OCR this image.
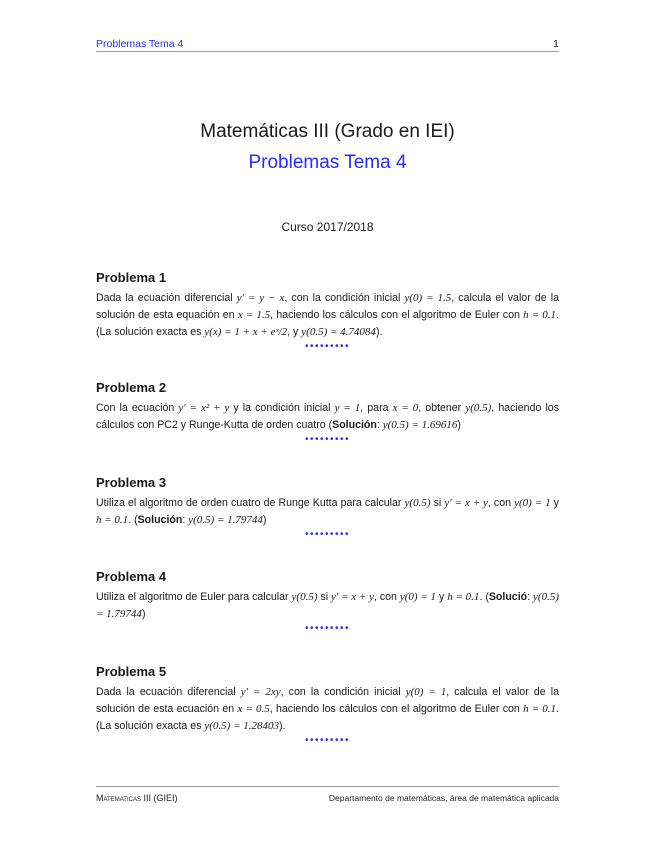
Problemas Tema 4	1
Matemáticas III (Grado en IEI)
Problemas Tema 4
Curso 2017/2018
Problema 1

Dada la ecuación diferencial y′ = y − x, con la condición inicial y(0) = 1.5, calcula el valor de la solución de esta equación en x = 1.5, haciendo los cálculos con el algoritmo de Euler con h = 0.1. (La solución exacta es y(x) = 1 + x + eˣ/2, y y(0.5) = 4.74084).

•••••••••
Problema 2

Con la ecuación y′ = x² + y y la condición inicial y = 1, para x = 0, obtener y(0.5), haciendo los cálculos con PC2 y Runge-Kutta de orden cuatro (Solución: y(0.5) = 1.69616)

•••••••••
Problema 3

Utiliza el algoritmo de orden cuatro de Runge Kutta para calcular y(0.5) si y′ = x + y, con y(0) = 1 y h = 0.1. (Solución: y(0.5) = 1.79744)

•••••••••
Problema 4

Utiliza el algoritmo de Euler para calcular y(0.5) si y′ = x + y, con y(0) = 1 y h = 0.1. (Solució: y(0.5) = 1.79744)

•••••••••
Problema 5

Dada la ecuación diferencial y′ = 2xy, con la condición inicial y(0) = 1, calcula el valor de la solución de esta ecuación en x = 0.5, haciendo los cálculos con el algoritmo de Euler con h = 0.1. (La solución exacta es y(0.5) = 1.28403).

•••••••••
Matematicas III (GIEI)	Departamento de matemáticas, área de matemática aplicada
